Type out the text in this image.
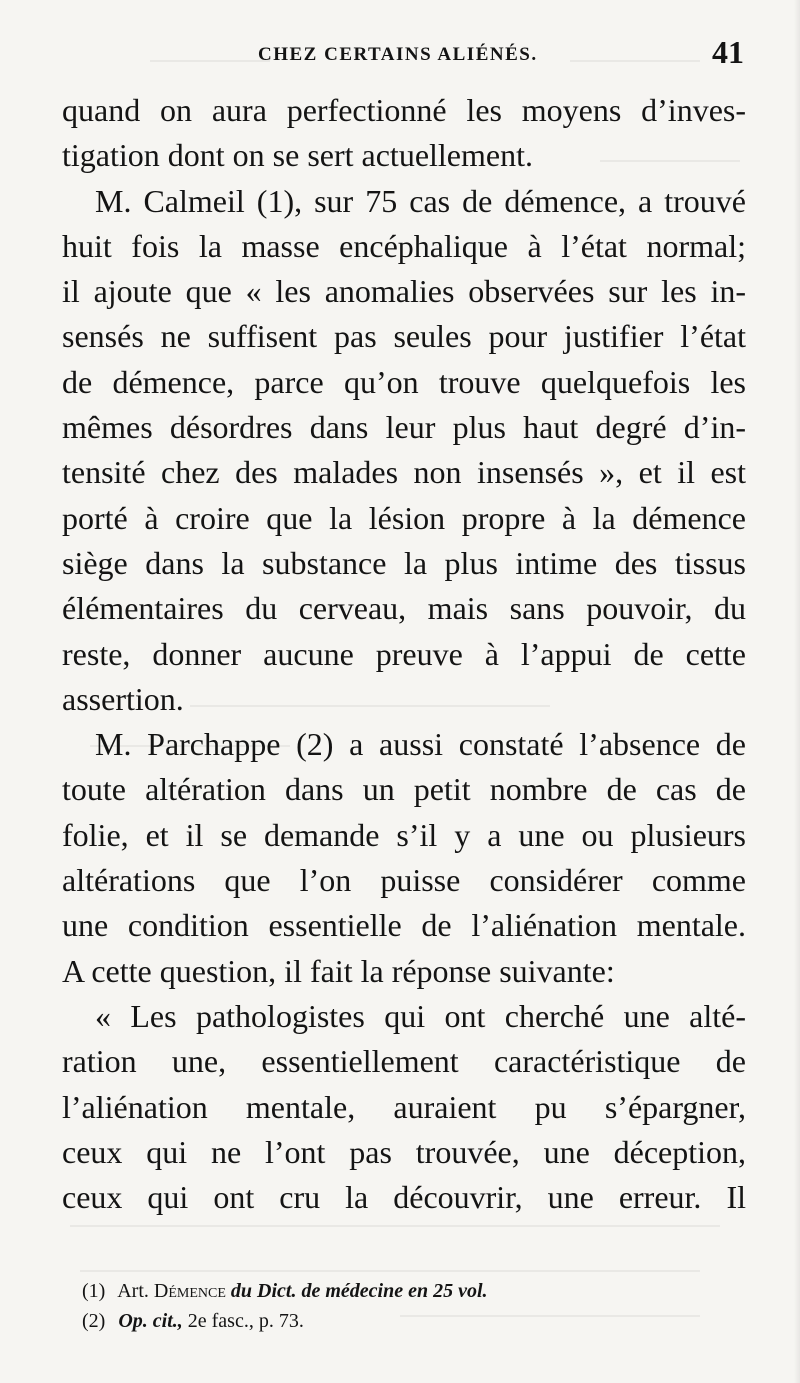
CHEZ CERTAINS ALIÉNÉS.	41
quand on aura perfectionné les moyens d’inves-
tigation dont on se sert actuellement.
M. Calmeil (1), sur 75 cas de démence, a trouvé
huit fois la masse encéphalique à l’état normal;
il ajoute que « les anomalies observées sur les in-
sensés ne suffisent pas seules pour justifier l’état
de démence, parce qu’on trouve quelquefois les
mêmes désordres dans leur plus haut degré d’in-
tensité chez des malades non insensés », et il est
porté à croire que la lésion propre à la démence
siège dans la substance la plus intime des tissus
élémentaires du cerveau, mais sans pouvoir, du
reste, donner aucune preuve à l’appui de cette
assertion.
M. Parchappe (2) a aussi constaté l’absence de
toute altération dans un petit nombre de cas de
folie, et il se demande s’il y a une ou plusieurs
altérations que l’on puisse considérer comme
une condition essentielle de l’aliénation mentale.
A cette question, il fait la réponse suivante:
« Les pathologistes qui ont cherché une alté-
ration une, essentiellement caractéristique de
l’aliénation mentale, auraient pu s’épargner,
ceux qui ne l’ont pas trouvée, une déception,
ceux qui ont cru la découvrir, une erreur. Il
(1) Art. Démence du Dict. de médecine en 25 vol.
(2) Op. cit., 2e fasc., p. 73.
